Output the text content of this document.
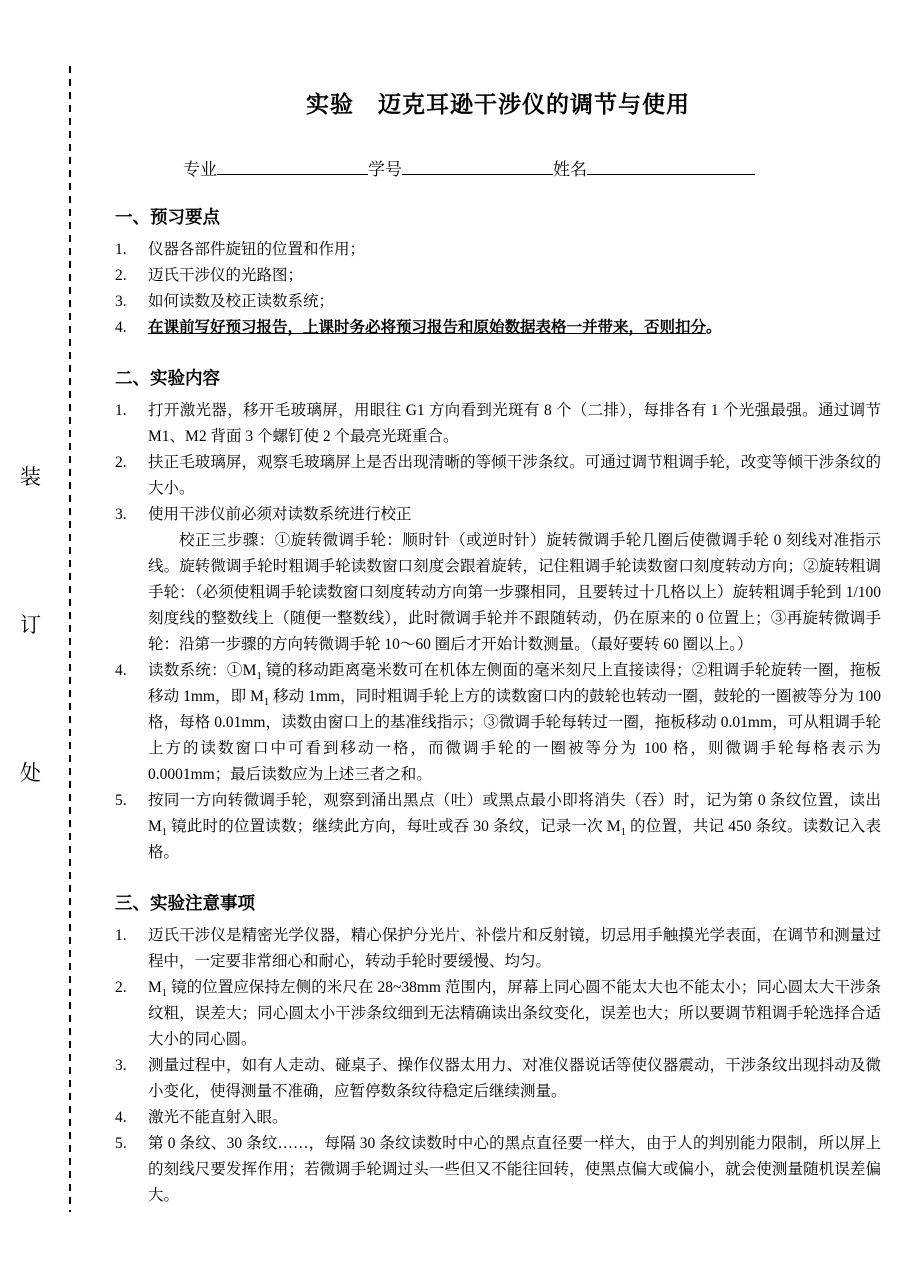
装
订
处
实验　迈克耳逊干涉仪的调节与使用
专业	学号	姓名
一、预习要点
1. 仪器各部件旋钮的位置和作用；
2. 迈氏干涉仪的光路图；
3. 如何读数及校正读数系统；
4. 在课前写好预习报告，上课时务必将预习报告和原始数据表格一并带来，否则扣分。
二、实验内容
1. 打开激光器，移开毛玻璃屏，用眼往 G1 方向看到光斑有 8 个（二排），每排各有 1 个光强最强。通过调节 M1、M2 背面 3 个螺钉使 2 个最亮光斑重合。
2. 扶正毛玻璃屏，观察毛玻璃屏上是否出现清晰的等倾干涉条纹。可通过调节粗调手轮，改变等倾干涉条纹的大小。
3. 使用干涉仪前必须对读数系统进行校正
校正三步骤：①旋转微调手轮：顺时针（或逆时针）旋转微调手轮几圈后使微调手轮 0 刻线对准指示线。旋转微调手轮时粗调手轮读数窗口刻度会跟着旋转，记住粗调手轮读数窗口刻度转动方向；②旋转粗调手轮：（必须使粗调手轮读数窗口刻度转动方向第一步骤相同，且要转过十几格以上）旋转粗调手轮到 1/100 刻度线的整数线上（随便一整数线），此时微调手轮并不跟随转动，仍在原来的 0 位置上；③再旋转微调手轮：沿第一步骤的方向转微调手轮 10～60 圈后才开始计数测量。（最好要转 60 圈以上。）
4. 读数系统：$①M_1$ 镜的移动距离毫米数可在机体左侧面的毫米刻尺上直接读得；②粗调手轮旋转一圈，拖板移动 1mm，即 $M_1$ 移动 1mm，同时粗调手轮上方的读数窗口内的鼓轮也转动一圈，鼓轮的一圈被等分为 100 格，每格 0.01mm，读数由窗口上的基准线指示；③微调手轮每转过一圈，拖板移动 0.01mm，可从粗调手轮上方的读数窗口中可看到移动一格，而微调手轮的一圈被等分为 100 格，则微调手轮每格表示为 0.0001mm；最后读数应为上述三者之和。
5. 按同一方向转微调手轮，观察到涌出黑点（吐）或黑点最小即将消失（吞）时，记为第 0 条纹位置，读出 $M_1$ 镜此时的位置读数；继续此方向，每吐或吞 30 条纹，记录一次 $M_1$ 的位置，共记 450 条纹。读数记入表格。
三、实验注意事项
1. 迈氏干涉仪是精密光学仪器，精心保护分光片、补偿片和反射镜，切忌用手触摸光学表面，在调节和测量过程中，一定要非常细心和耐心，转动手轮时要缓慢、均匀。
2. $M_1$ 镜的位置应保持左侧的米尺在 28~38mm 范围内，屏幕上同心圆不能太大也不能太小；同心圆太大干涉条纹粗，误差大；同心圆太小干涉条纹细到无法精确读出条纹变化，误差也大；所以要调节粗调手轮选择合适大小的同心圆。
3. 测量过程中，如有人走动、碰桌子、操作仪器太用力、对准仪器说话等使仪器震动，干涉条纹出现抖动及微小变化，使得测量不准确，应暂停数条纹待稳定后继续测量。
4. 激光不能直射入眼。
5. 第 0 条纹、30 条纹……，每隔 30 条纹读数时中心的黑点直径要一样大，由于人的判别能力限制，所以屏上的刻线尺要发挥作用；若微调手轮调过头一些但又不能往回转，使黑点偏大或偏小，就会使测量随机误差偏大。
